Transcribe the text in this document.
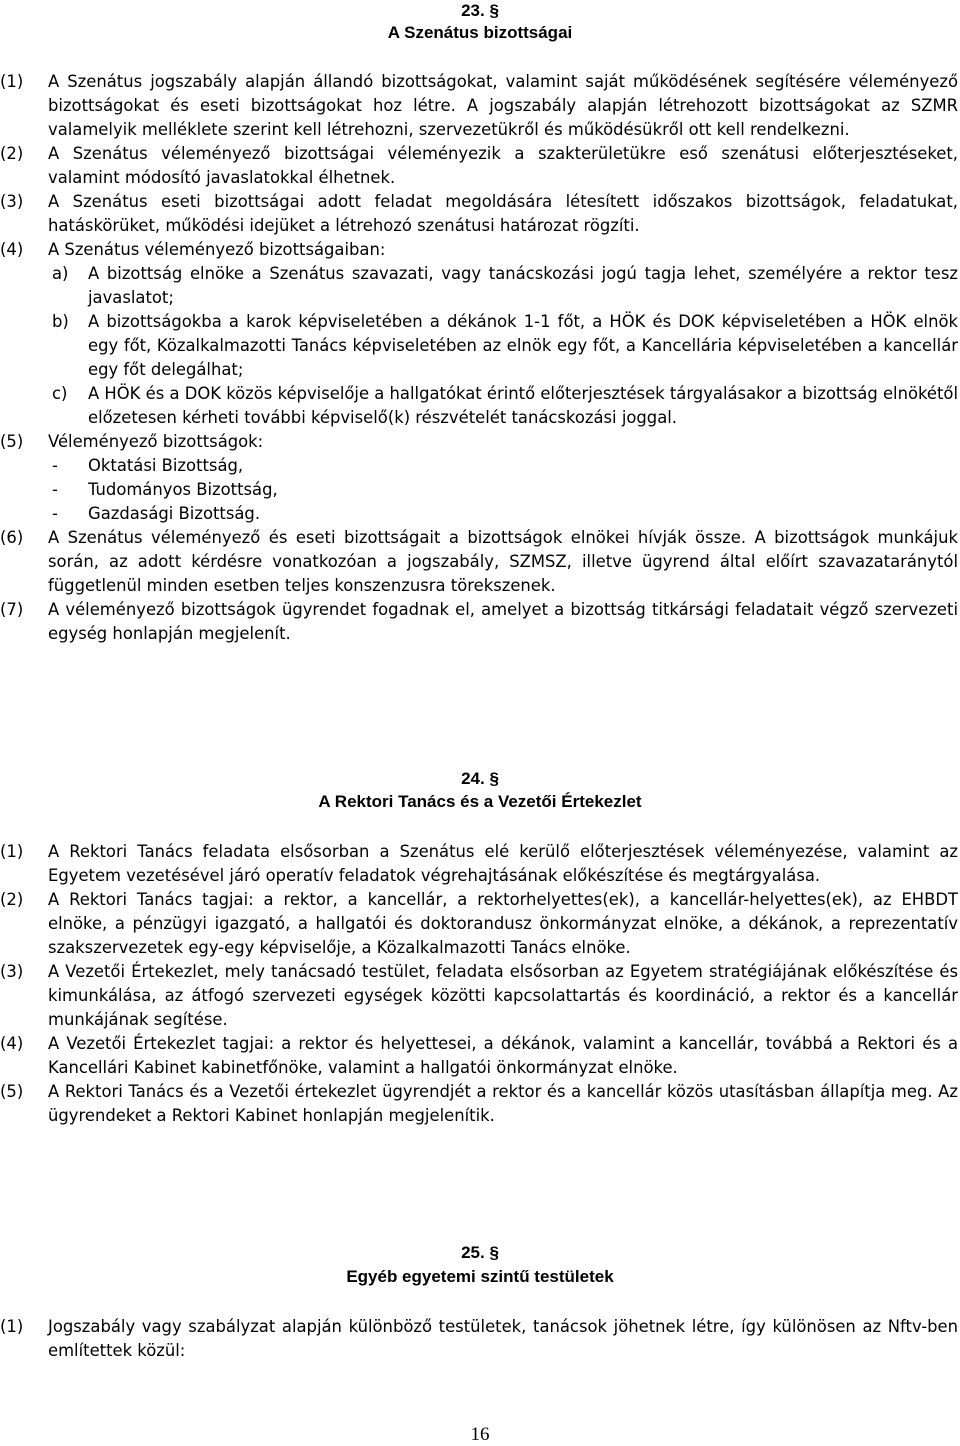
23. §
A Szenátus bizottságai
(1)	A Szenátus jogszabály alapján állandó bizottságokat, valamint saját működésének segítésére véleményező bizottságokat és eseti bizottságokat hoz létre. A jogszabály alapján létrehozott bizottságokat az SZMR valamelyik melléklete szerint kell létrehozni, szervezetükről és működésükről ott kell rendelkezni.
(2)	A Szenátus véleményező bizottságai véleményezik a szakterületükre eső szenátusi előterjesztéseket, valamint módosító javaslatokkal élhetnek.
(3)	A Szenátus eseti bizottságai adott feladat megoldására létesített időszakos bizottságok, feladatukat, hatáskörüket, működési idejüket a létrehozó szenátusi határozat rögzíti.
(4)	A Szenátus véleményező bizottságaiban:
a) A bizottság elnöke a Szenátus szavazati, vagy tanácskozási jogú tagja lehet, személyére a rektor tesz javaslatot;
b) A bizottságokba a karok képviseletében a dékánok 1-1 főt, a HÖK és DOK képviseletében a HÖK elnök egy főt, Közalkalmazotti Tanács képviseletében az elnök egy főt, a Kancellária képviseletében a kancellár egy főt delegálhat;
c) A HÖK és a DOK közös képviselője a hallgatókat érintő előterjesztések tárgyalásakor a bizottság elnökétől előzetesen kérheti további képviselő(k) részvételét tanácskozási joggal.
(5)	Véleményező bizottságok:
- Oktatási Bizottság,
- Tudományos Bizottság,
- Gazdasági Bizottság.
(6)	A Szenátus véleményező és eseti bizottságait a bizottságok elnökei hívják össze. A bizottságok munkájuk során, az adott kérdésre vonatkozóan a jogszabály, SZMSZ, illetve ügyrend által előírt szavazataránytól függetlenül minden esetben teljes konszenzusra törekszenek.
(7)	A véleményező bizottságok ügyrendet fogadnak el, amelyet a bizottság titkársági feladatait végző szervezeti egység honlapján megjelenít.
24. §
A Rektori Tanács és a Vezetői Értekezlet
(1)	A Rektori Tanács feladata elsősorban a Szenátus elé kerülő előterjesztések véleményezése, valamint az Egyetem vezetésével járó operatív feladatok végrehajtásának előkészítése és megtárgyalása.
(2)	A Rektori Tanács tagjai: a rektor, a kancellár, a rektorhelyettes(ek), a kancellár-helyettes(ek), az EHBDT elnöke, a pénzügyi igazgató, a hallgatói és doktorandusz önkormányzat elnöke, a dékánok, a reprezentatív szakszervezetek egy-egy képviselője, a Közalkalmazotti Tanács elnöke.
(3)	A Vezetői Értekezlet, mely tanácsadó testület, feladata elsősorban az Egyetem stratégiájának előkészítése és kimunkálása, az átfogó szervezeti egységek közötti kapcsolattartás és koordináció, a rektor és a kancellár munkájának segítése.
(4)	A Vezetői Értekezlet tagjai: a rektor és helyettesei, a dékánok, valamint a kancellár, továbbá a Rektori és a Kancellári Kabinet kabinetfőnöke, valamint a hallgatói önkormányzat elnöke.
(5)	A Rektori Tanács és a Vezetői értekezlet ügyrendjét a rektor és a kancellár közös utasításban állapítja meg. Az ügyrendeket a Rektori Kabinet honlapján megjelenítik.
25. §
Egyéb egyetemi szintű testületek
(1)	Jogszabály vagy szabályzat alapján különböző testületek, tanácsok jöhetnek létre, így különösen az Nftv-ben említettek közül:
16
